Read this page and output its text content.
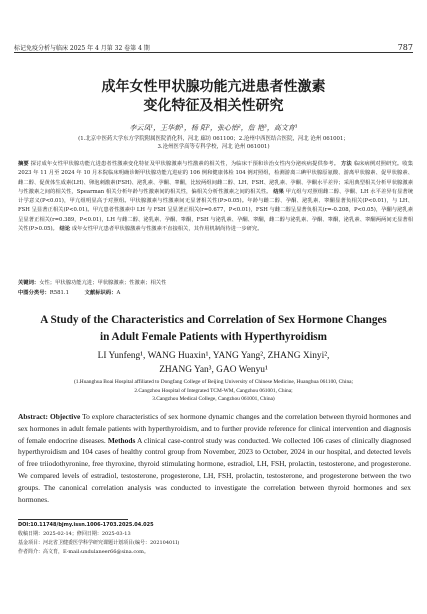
标记免疫分析与临床 2025 年 4 月第 32 卷第 4 期	787
成年女性甲状腺功能亢进患者性激素
变化特征及相关性研究
李云凤¹，王华新¹，杨 阳²，张心怡²，詹 艳³，高文育¹
(1.北京中医药大学东方学院附属医院消化科，河北 廊坊 061100；2.沧州中西医结合医院，河北 沧州 061001；
3.沧州医学高等专科学校，河北 沧州 061001)
摘要 探讨成年女性甲状腺功能亢进患者性激素变化特征及甲状腺激素与性激素的相关性，为临床干预和诊治女性内分泌疾病提供参考。 方法 临床病例对照研究。收集 2023 年 11 月至 2024 年 10 月本院临床明确诊断甲状腺功能亢进症的 106 例和健康体检 104 例对照组，检测游离三碘甲状腺原氨酸、游离甲状腺素、促甲状腺素、雌二醇、促黄体生成素(LH)、卵泡刺激素(FSH)、泌乳素、孕酮、睾酮，比较两组间雌二醇、LH、FSH、泌乳素、孕酮、孕酮水平差异；采用典型相关分析甲状腺激素与性激素之间的相关性，Spearman 相关分析年龄与性激素间的相关性，偏相关分析性激素之间的相关性。 结果 甲亢组与对照组雌二醇、孕酮、LH 水平差异有显著统计学意义(P<0.01)，甲亢组明显高于对照组。甲状腺激素与性激素间无显著相关性(P>0.05)。年龄与雌二醇、孕酮、泌乳素、睾酮显著负相关(P<0.01)，与 LH、FSH 呈显著正相关(P<0.01)。甲亢患者性激素中 LH 与 FSH 呈显著正相关(r=0.677，P<0.01)，FSH 与雌二醇呈显著负相关(r=-0.208，P<0.05)，孕酮与泌乳素呈显著正相关(r=0.389，P<0.01)，LH 与雌二醇、泌乳素、孕酮、睾酮，FSH 与泌乳素、孕酮、睾酮，雌二醇与泌乳素、孕酮、睾酮，泌乳素、睾酮两两间无显著相关性(P>0.05)。 结论 成年女性甲亢患者甲状腺激素与性激素不直接相关，其作用机制尚待进一步研究。
关键词：女性；甲状腺功能亢进；甲状腺激素；性激素；相关性
中图分类号：R581.1	文献标识码：A
A Study of the Characteristics and Correlation of Sex Hormone Changes
in Adult Female Patients with Hyperthyroidism
LI Yunfeng¹, WANG Huaxin¹, YANG Yang², ZHANG Xinyi²,
ZHANG Yan³, GAO Wenyu¹
(1.Huanghua Boai Hospital affiliated to Dongfang College of Beijing University of Chinese Medicine, Huanghua 061100, China;
2.Cangzhou Hospital of Integrated TCM-WM, Cangzhou 061001, China;
3.Cangzhou Medical College, Cangzhou 061001, China)
Abstract: Objective To explore characteristics of sex hormone dynamic changes and the correlation between thyroid hormones and sex hormones in adult female patients with hyperthyroidism, and to further provide reference for clinical intervention and diagnosis of female endocrine diseases. Methods A clinical case-control study was conducted. We collected 106 cases of clinically diagnosed hyperthyroidism and 104 cases of healthy control group from November, 2023 to October, 2024 in our hospital, and detected levels of free triiodothyronine, free thyroxine, thyroid stimulating hormone, estradiol, LH, FSH, prolactin, testosterone, and progesterone. We compared levels of estradiol, testosterone, progesterone, LH, FSH, prolactin, testosterone, and progesterone between the two groups. The canonical correlation analysis was conducted to investigate the correlation between thyroid hormones and sex hormones.
DOI:10.11748/bjmy.issn.1006-1703.2025.04.025
收稿日期：2025-02-14；修回日期：2025-03-13
基金项目：河北省卫健委医学科学研究课题计划项目(编号：20210401I)
作者简介：高文育，E-mail:undulaneer66@sina.com。
